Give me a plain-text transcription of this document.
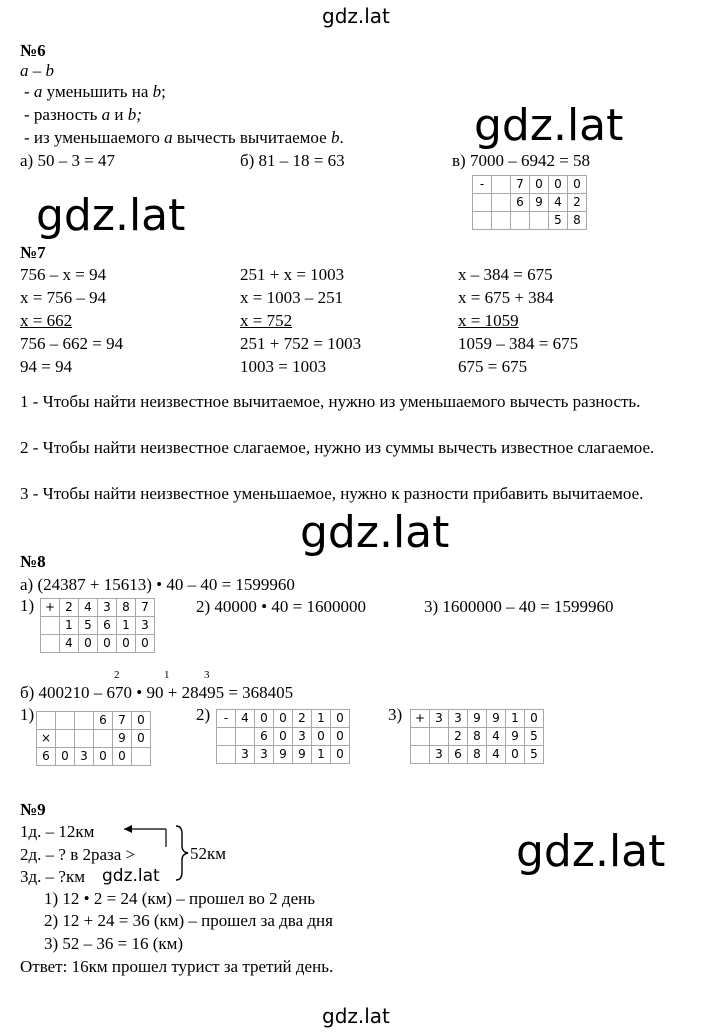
gdz.lat
gdz.lat
gdz.lat
gdz.lat
gdz.lat
gdz.lat
№6
a – b
- a уменьшить на b;
- разность a и b;
- из уменьшаемого a вычесть вычитаемое b.
а) 50 – 3 = 47	б) 81 – 18 = 63	в) 7000 – 6942 = 58
-		7	0	0	0
		6	9	4	2
				5	8
№7
756 – x = 94
x = 756 – 94
x = 662
756 – 662 = 94
94 = 94
251 + x = 1003
x = 1003 – 251
x = 752
251 + 752 = 1003
1003 = 1003
x – 384 = 675
x = 675 + 384
x = 1059
1059 – 384 = 675
675 = 675
1 - Чтобы найти неизвестное вычитаемое, нужно из уменьшаемого вычесть разность.
2 - Чтобы найти неизвестное слагаемое, нужно из суммы вычесть известное слагаемое.
3 - Чтобы найти неизвестное уменьшаемое, нужно к разности прибавить вычитаемое.
№8
а) (24387 + 15613) • 40 – 40 = 1599960
1) +	2	4	3	8	7
	1	5	6	1	3
	4	0	0	0	0
2) 40000 • 40 = 1600000	3) 1600000 – 40 = 1599960
2	1	3
б) 400210 – 670 • 90 + 28495 = 368405
1)
				6	7	0
×				9	0
6	0	3	0	0	
2) -	4	0	0	2	1	0
		6	0	3	0	0
	3	3	9	9	1	0
3) +	3	3	9	9	1	0
		2	8	4	9	5
	3	6	8	4	0	5
№9
1д. – 12км
2д. – ? в 2раза >
3д. – ?км gdz.lat
52км
1) 12 • 2 = 24 (км) – прошел во 2 день
2) 12 + 24 = 36 (км) – прошел за два дня
3) 52 – 36 = 16 (км)
Ответ: 16км прошел турист за третий день.
